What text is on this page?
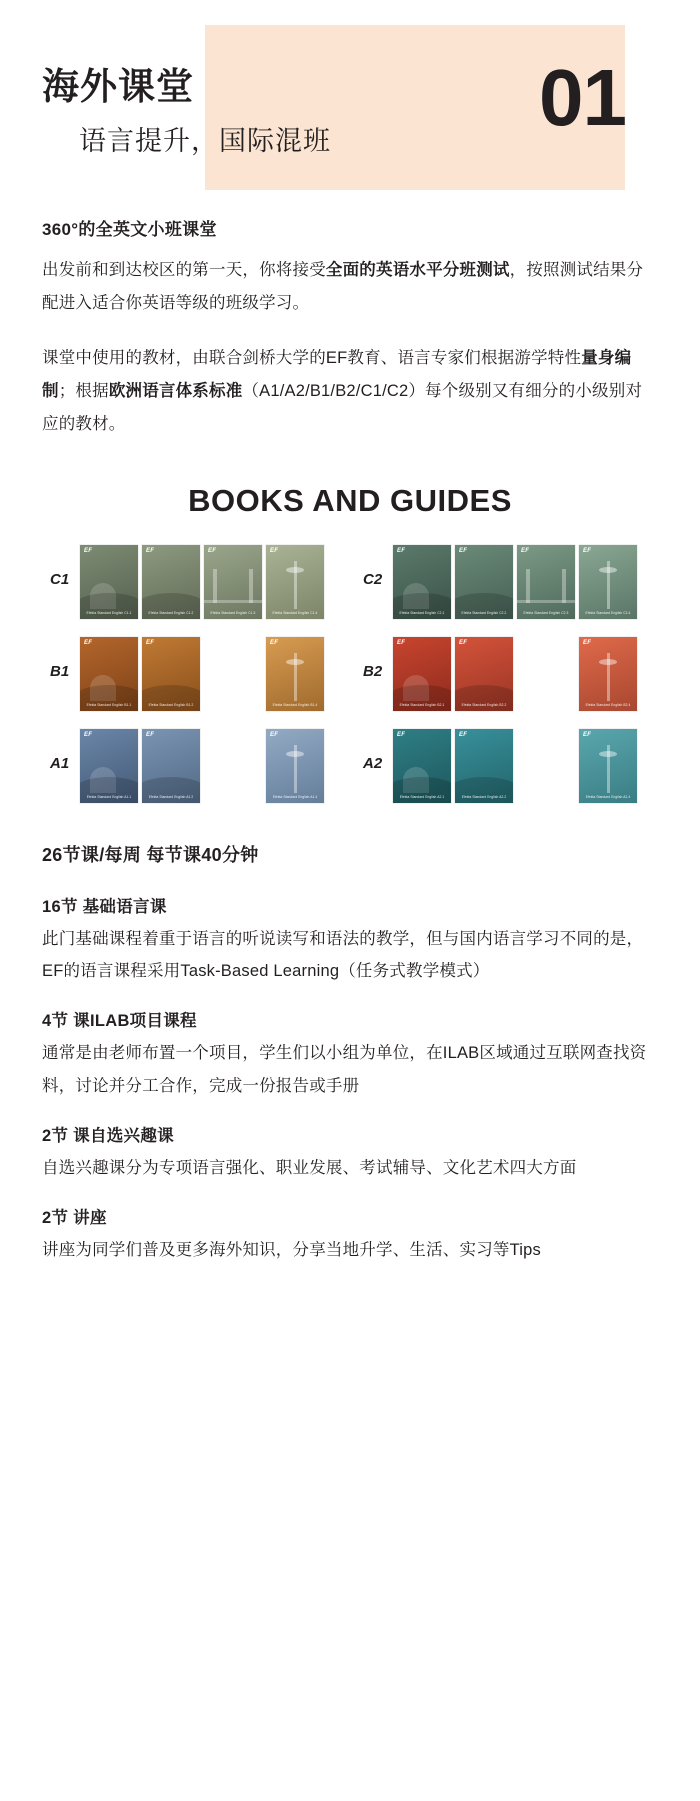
海外课堂
语言提升，国际混班	01
360°的全英文小班课堂

出发前和到达校区的第一天，你将接受全面的英语水平分班测试，按照测试结果分配进入适合你英语等级的班级学习。

课堂中使用的教材，由联合剑桥大学的EF教育、语言专家们根据游学特性量身编制；根据欧洲语言体系标准（A1/A2/B1/B2/C1/C2）每个级别又有细分的小级别对应的教材。

BOOKS AND GUIDES
C1
EF
Efekta Standard English C1.1
EF
Efekta Standard English C1.2
EF
Efekta Standard English C1.3
EF
Efekta Standard English C1.4
C2
EF
Efekta Standard English C2.1
EF
Efekta Standard English C2.2
EF
Efekta Standard English C2.3
EF
Efekta Standard English C2.4
B1
EF
Efekta Standard English B1.1
EF
Efekta Standard English B1.2
EF
Efekta Standard English B1.4
B2
EF
Efekta Standard English B2.1
EF
Efekta Standard English B2.2
EF
Efekta Standard English B2.4
A1
EF
Efekta Standard English A1.1
EF
Efekta Standard English A1.2
EF
Efekta Standard English A1.4
A2
EF
Efekta Standard English A2.1
EF
Efekta Standard English A2.2
EF
Efekta Standard English A2.4
26节课/每周 每节课40分钟
16节 基础语言课

此门基础课程着重于语言的听说读写和语法的教学，但与国内语言学习不同的是，EF的语言课程采用Task-Based Learning（任务式教学模式）

4节 课ILAB项目课程

通常是由老师布置一个项目，学生们以小组为单位，在ILAB区域通过互联网查找资料，讨论并分工合作，完成一份报告或手册

2节 课自选兴趣课

自选兴趣课分为专项语言强化、职业发展、考试辅导、文化艺术四大方面

2节 讲座

讲座为同学们普及更多海外知识，分享当地升学、生活、实习等Tips
